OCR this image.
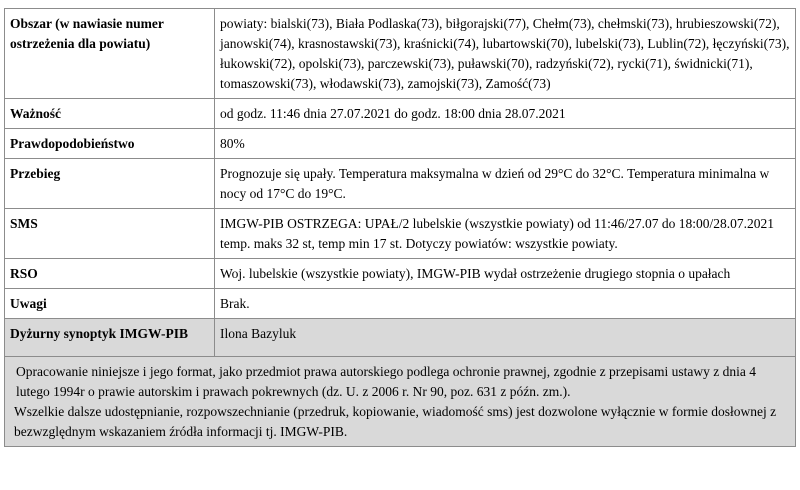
Obszar (w nawiasie numer ostrzeżenia dla powiatu)	powiaty: bialski(73), Biała Podlaska(73), biłgorajski(77), Chełm(73), chełmski(73), hrubieszowski(72), janowski(74), krasnostawski(73), kraśnicki(74), lubartowski(70), lubelski(73), Lublin(72), łęczyński(73), łukowski(72), opolski(73), parczewski(73), puławski(70), radzyński(72), rycki(71), świdnicki(71), tomaszowski(73), włodawski(73), zamojski(73), Zamość(73)
Ważność	od godz. 11:46 dnia 27.07.2021 do godz. 18:00 dnia 28.07.2021
Prawdopodobieństwo	80%
Przebieg	Prognozuje się upały. Temperatura maksymalna w dzień od 29°C do 32°C. Temperatura minimalna w nocy od 17°C do 19°C.
SMS	IMGW-PIB OSTRZEGA: UPAŁ/2 lubelskie (wszystkie powiaty) od 11:46/27.07 do 18:00/28.07.2021 temp. maks 32 st, temp min 17 st. Dotyczy powiatów: wszystkie powiaty.
RSO	Woj. lubelskie (wszystkie powiaty), IMGW-PIB wydał ostrzeżenie drugiego stopnia o upałach
Uwagi	Brak.
Dyżurny synoptyk IMGW-PIB	Ilona Bazyluk

Opracowanie niniejsze i jego format, jako przedmiot prawa autorskiego podlega ochronie prawnej, zgodnie z przepisami ustawy z dnia 4 lutego 1994r o prawie autorskim i prawach pokrewnych (dz. U. z 2006 r. Nr 90, poz. 631 z późn. zm.).
Wszelkie dalsze udostępnianie, rozpowszechnianie (przedruk, kopiowanie, wiadomość sms) jest dozwolone wyłącznie w formie dosłownej z bezwzględnym wskazaniem źródła informacji tj. IMGW-PIB.	
